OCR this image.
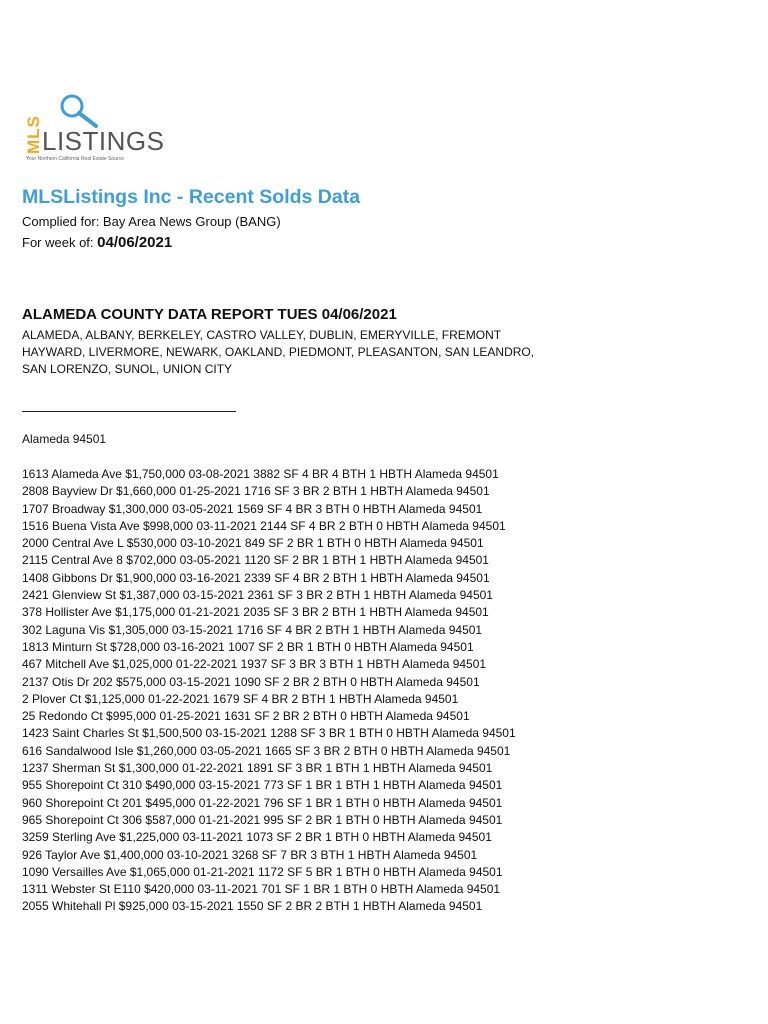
MLS LISTINGS
Your Northern California Real Estate Source
MLSListings Inc - Recent Solds Data
Complied for: Bay Area News Group (BANG)
For week of: 04/06/2021
ALAMEDA COUNTY DATA REPORT TUES 04/06/2021
ALAMEDA, ALBANY, BERKELEY, CASTRO VALLEY, DUBLIN, EMERYVILLE, FREMONT
HAYWARD, LIVERMORE, NEWARK, OAKLAND, PIEDMONT, PLEASANTON, SAN LEANDRO,
SAN LORENZO, SUNOL, UNION CITY
Alameda 94501
1613 Alameda Ave $1,750,000 03-08-2021 3882 SF 4 BR 4 BTH 1 HBTH Alameda 94501
2808 Bayview Dr $1,660,000 01-25-2021 1716 SF 3 BR 2 BTH 1 HBTH Alameda 94501
1707 Broadway $1,300,000 03-05-2021 1569 SF 4 BR 3 BTH 0 HBTH Alameda 94501
1516 Buena Vista Ave $998,000 03-11-2021 2144 SF 4 BR 2 BTH 0 HBTH Alameda 94501
2000 Central Ave L $530,000 03-10-2021 849 SF 2 BR 1 BTH 0 HBTH Alameda 94501
2115 Central Ave 8 $702,000 03-05-2021 1120 SF 2 BR 1 BTH 1 HBTH Alameda 94501
1408 Gibbons Dr $1,900,000 03-16-2021 2339 SF 4 BR 2 BTH 1 HBTH Alameda 94501
2421 Glenview St $1,387,000 03-15-2021 2361 SF 3 BR 2 BTH 1 HBTH Alameda 94501
378 Hollister Ave $1,175,000 01-21-2021 2035 SF 3 BR 2 BTH 1 HBTH Alameda 94501
302 Laguna Vis $1,305,000 03-15-2021 1716 SF 4 BR 2 BTH 1 HBTH Alameda 94501
1813 Minturn St $728,000 03-16-2021 1007 SF 2 BR 1 BTH 0 HBTH Alameda 94501
467 Mitchell Ave $1,025,000 01-22-2021 1937 SF 3 BR 3 BTH 1 HBTH Alameda 94501
2137 Otis Dr 202 $575,000 03-15-2021 1090 SF 2 BR 2 BTH 0 HBTH Alameda 94501
2 Plover Ct $1,125,000 01-22-2021 1679 SF 4 BR 2 BTH 1 HBTH Alameda 94501
25 Redondo Ct $995,000 01-25-2021 1631 SF 2 BR 2 BTH 0 HBTH Alameda 94501
1423 Saint Charles St $1,500,500 03-15-2021 1288 SF 3 BR 1 BTH 0 HBTH Alameda 94501
616 Sandalwood Isle $1,260,000 03-05-2021 1665 SF 3 BR 2 BTH 0 HBTH Alameda 94501
1237 Sherman St $1,300,000 01-22-2021 1891 SF 3 BR 1 BTH 1 HBTH Alameda 94501
955 Shorepoint Ct 310 $490,000 03-15-2021 773 SF 1 BR 1 BTH 1 HBTH Alameda 94501
960 Shorepoint Ct 201 $495,000 01-22-2021 796 SF 1 BR 1 BTH 0 HBTH Alameda 94501
965 Shorepoint Ct 306 $587,000 01-21-2021 995 SF 2 BR 1 BTH 0 HBTH Alameda 94501
3259 Sterling Ave $1,225,000 03-11-2021 1073 SF 2 BR 1 BTH 0 HBTH Alameda 94501
926 Taylor Ave $1,400,000 03-10-2021 3268 SF 7 BR 3 BTH 1 HBTH Alameda 94501
1090 Versailles Ave $1,065,000 01-21-2021 1172 SF 5 BR 1 BTH 0 HBTH Alameda 94501
1311 Webster St E110 $420,000 03-11-2021 701 SF 1 BR 1 BTH 0 HBTH Alameda 94501
2055 Whitehall Pl $925,000 03-15-2021 1550 SF 2 BR 2 BTH 1 HBTH Alameda 94501
